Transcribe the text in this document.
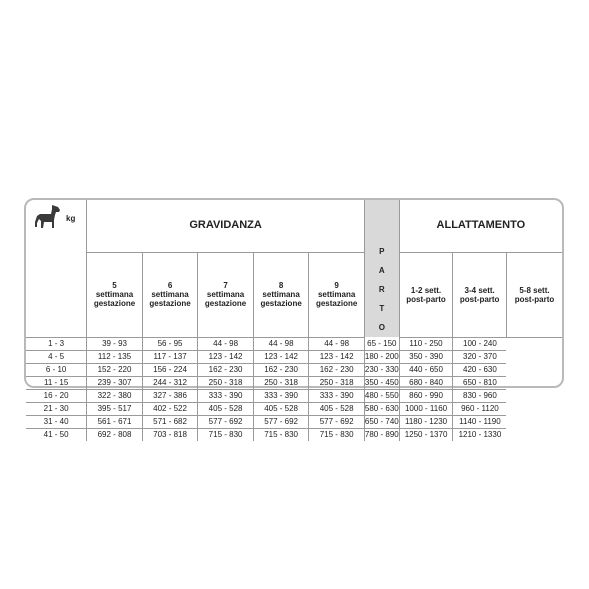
kg	GRAVIDANZA					P
A
R
T
O	ALLATTAMENTO		
	5
settimana
gestazione	6
settimana
gestazione	7
settimana
gestazione	8
settimana
gestazione	9
settimana
gestazione		1-2 sett.
post-parto	3-4 sett.
post-parto	5-8 sett.
post-parto
1 - 3	39 - 93	56 - 95	44 - 98	44 - 98	44 - 98	65 - 150	110 - 250	100 - 240	
4 - 5	112 - 135	117 - 137	123 - 142	123 - 142	123 - 142	180 - 200	350 - 390	320 - 370	
6 - 10	152 - 220	156 - 224	162 - 230	162 - 230	162 - 230	230 - 330	440 - 650	420 - 630	
11 - 15	239 - 307	244 - 312	250 - 318	250 - 318	250 - 318	350 - 450	680 - 840	650 - 810	
16 - 20	322 - 380	327 - 386	333 - 390	333 - 390	333 - 390	480 - 550	860 - 990	830 - 960	
21 - 30	395 - 517	402 - 522	405 - 528	405 - 528	405 - 528	580 - 630	1000 - 1160	960 - 1120	
31 - 40	561 - 671	571 - 682	577 - 692	577 - 692	577 - 692	650 - 740	1180 - 1230	1140 - 1190	
41 - 50	692 - 808	703 - 818	715 - 830	715 - 830	715 - 830	780 - 890	1250 - 1370	1210 - 1330	
